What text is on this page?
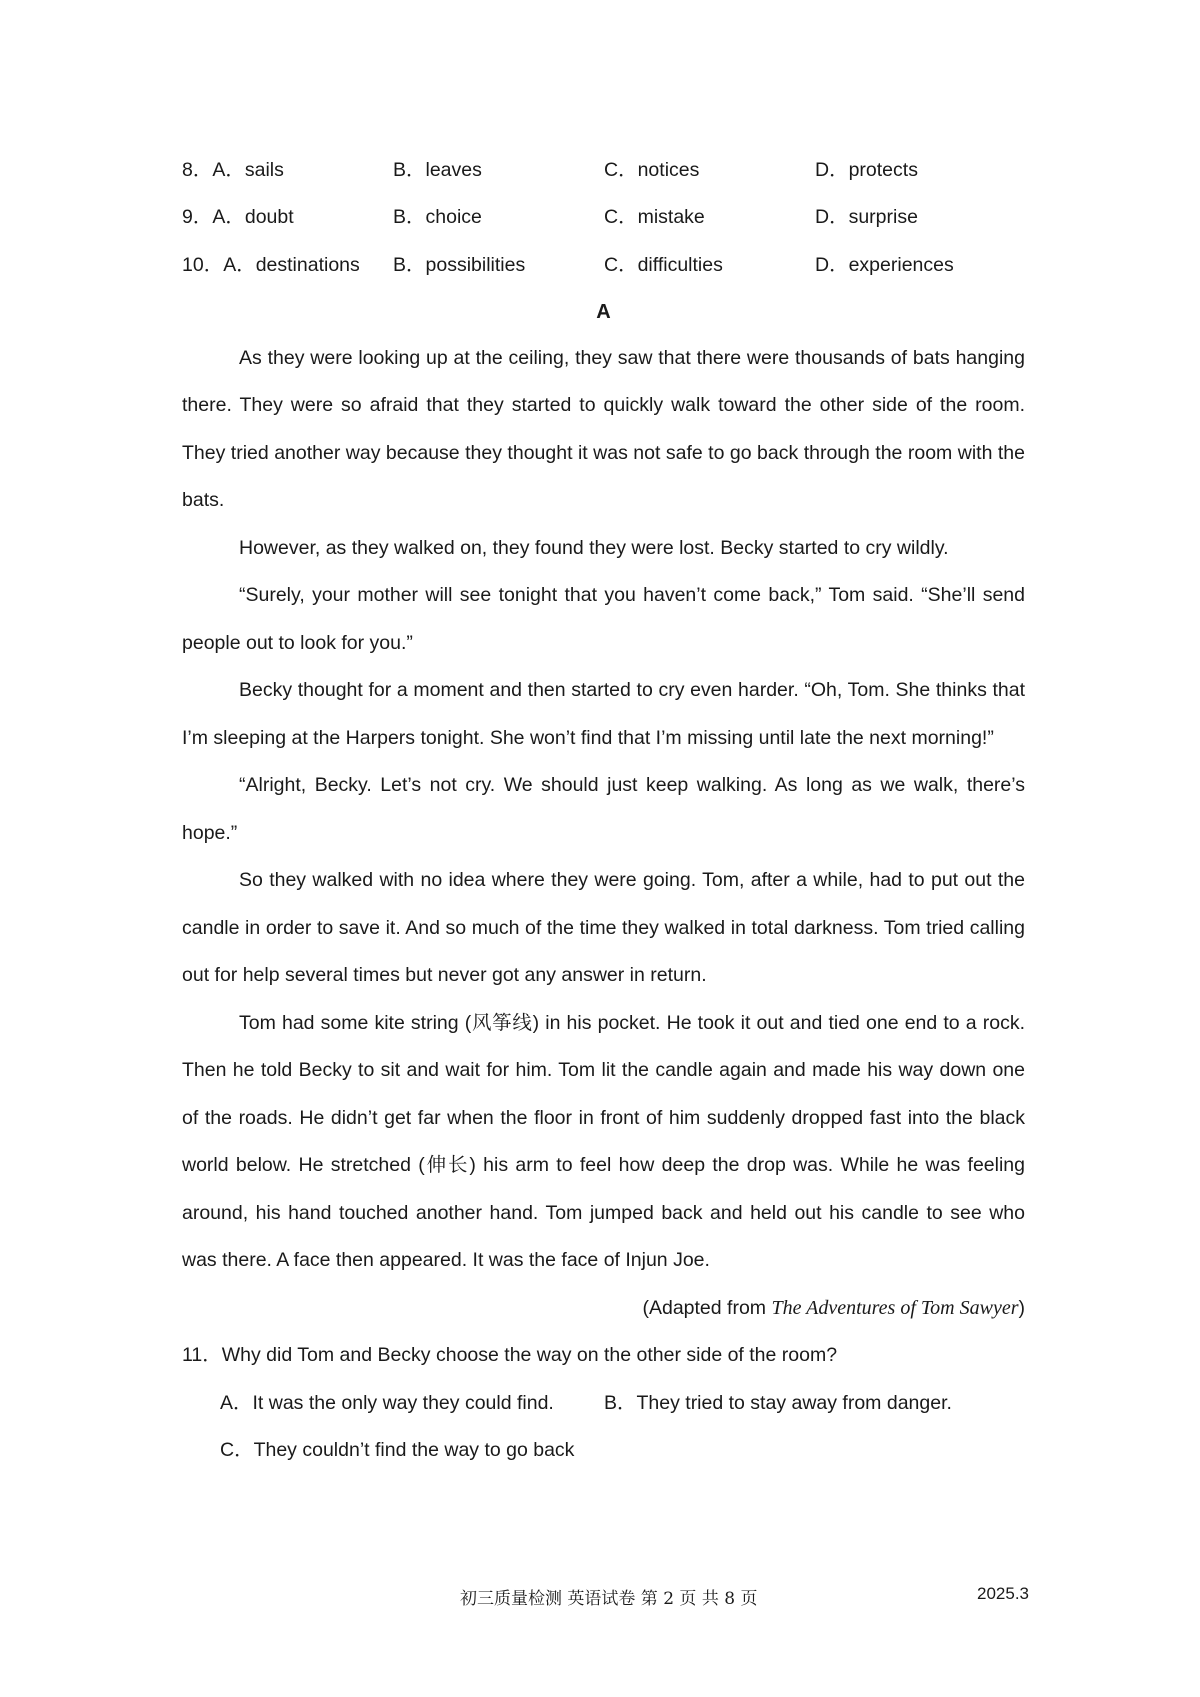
8．A．sails	B．leaves	C．notices	D．protects
9．A．doubt	B．choice	C．mistake	D．surprise
10．A．destinations	B．possibilities	C．difficulties	D．experiences
A

As they were looking up at the ceiling, they saw that there were thousands of bats hanging there. They were so afraid that they started to quickly walk toward the other side of the room. They tried another way because they thought it was not safe to go back through the room with the bats.

However, as they walked on, they found they were lost. Becky started to cry wildly.

“Surely, your mother will see tonight that you haven’t come back,” Tom said. “She’ll send people out to look for you.”

Becky thought for a moment and then started to cry even harder. “Oh, Tom. She thinks that I’m sleeping at the Harpers tonight. She won’t find that I’m missing until late the next morning!”

“Alright, Becky. Let’s not cry. We should just keep walking. As long as we walk, there’s hope.”

So they walked with no idea where they were going. Tom, after a while, had to put out the candle in order to save it. And so much of the time they walked in total darkness. Tom tried calling out for help several times but never got any answer in return.

Tom had some kite string (风筝线) in his pocket. He took it out and tied one end to a rock. Then he told Becky to sit and wait for him. Tom lit the candle again and made his way down one of the roads. He didn’t get far when the floor in front of him suddenly dropped fast into the black world below. He stretched (伸长) his arm to feel how deep the drop was. While he was feeling around, his hand touched another hand. Tom jumped back and held out his candle to see who was there. A face then appeared. It was the face of Injun Joe.

(Adapted from The Adventures of Tom Sawyer)
11．Why did Tom and Becky choose the way on the other side of the room?
A．It was the only way they could find.	B．They tried to stay away from danger.
C．They couldn’t find the way to go back
初三质量检测 英语试卷 第 2 页 共 8 页	2025.3
